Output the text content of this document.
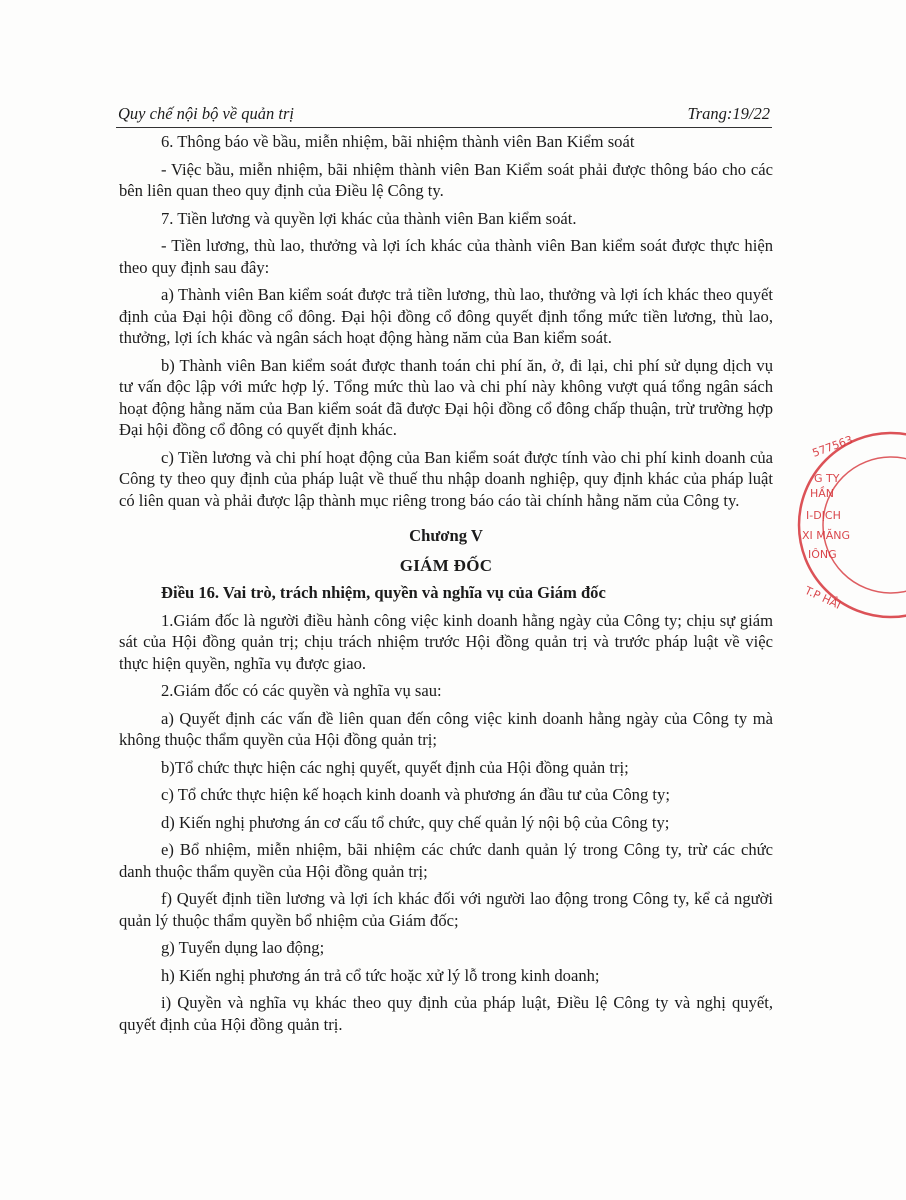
Quy chế nội bộ về quản trị	Trang:19/22

6. Thông báo về bầu, miễn nhiệm, bãi nhiệm thành viên Ban Kiểm soát

- Việc bầu, miễn nhiệm, bãi nhiệm thành viên Ban Kiểm soát phải được thông báo cho các bên liên quan theo quy định của Điều lệ Công ty.

7. Tiền lương và quyền lợi khác của thành viên Ban kiểm soát.

- Tiền lương, thù lao, thưởng và lợi ích khác của thành viên Ban kiểm soát được thực hiện theo quy định sau đây:

a) Thành viên Ban kiểm soát được trả tiền lương, thù lao, thưởng và lợi ích khác theo quyết định của Đại hội đồng cổ đông. Đại hội đồng cổ đông quyết định tổng mức tiền lương, thù lao, thưởng, lợi ích khác và ngân sách hoạt động hàng năm của Ban kiểm soát.

b) Thành viên Ban kiểm soát được thanh toán chi phí ăn, ở, đi lại, chi phí sử dụng dịch vụ tư vấn độc lập với mức hợp lý. Tổng mức thù lao và chi phí này không vượt quá tổng ngân sách hoạt động hằng năm của Ban kiểm soát đã được Đại hội đồng cổ đông chấp thuận, trừ trường hợp Đại hội đồng cổ đông có quyết định khác.

c) Tiền lương và chi phí hoạt động của Ban kiểm soát được tính vào chi phí kinh doanh của Công ty theo quy định của pháp luật về thuế thu nhập doanh nghiệp, quy định khác của pháp luật có liên quan và phải được lập thành mục riêng trong báo cáo tài chính hằng năm của Công ty.

Chương V
GIÁM ĐỐC

Điều 16. Vai trò, trách nhiệm, quyền và nghĩa vụ của Giám đốc

1.Giám đốc là người điều hành công việc kinh doanh hằng ngày của Công ty; chịu sự giám sát của Hội đồng quản trị; chịu trách nhiệm trước Hội đồng quản trị và trước pháp luật về việc thực hiện quyền, nghĩa vụ được giao.

2.Giám đốc có các quyền và nghĩa vụ sau:

a) Quyết định các vấn đề liên quan đến công việc kinh doanh hằng ngày của Công ty mà không thuộc thẩm quyền của Hội đồng quản trị;

b)Tổ chức thực hiện các nghị quyết, quyết định của Hội đồng quản trị;

c) Tổ chức thực hiện kế hoạch kinh doanh và phương án đầu tư của Công ty;

d) Kiến nghị phương án cơ cấu tổ chức, quy chế quản lý nội bộ của Công ty;

e) Bổ nhiệm, miễn nhiệm, bãi nhiệm các chức danh quản lý trong Công ty, trừ các chức danh thuộc thẩm quyền của Hội đồng quản trị;

f) Quyết định tiền lương và lợi ích khác đối với người lao động trong Công ty, kể cả người quản lý thuộc thẩm quyền bổ nhiệm của Giám đốc;

g) Tuyển dụng lao động;

h) Kiến nghị phương án trả cổ tức hoặc xử lý lỗ trong kinh doanh;

i) Quyền và nghĩa vụ khác theo quy định của pháp luật, Điều lệ Công ty và nghị quyết, quyết định của Hội đồng quản trị.

577563
G TY
HẦN
I-DỊCH
XI MĂNG
IÔNG
T.P HẢI
